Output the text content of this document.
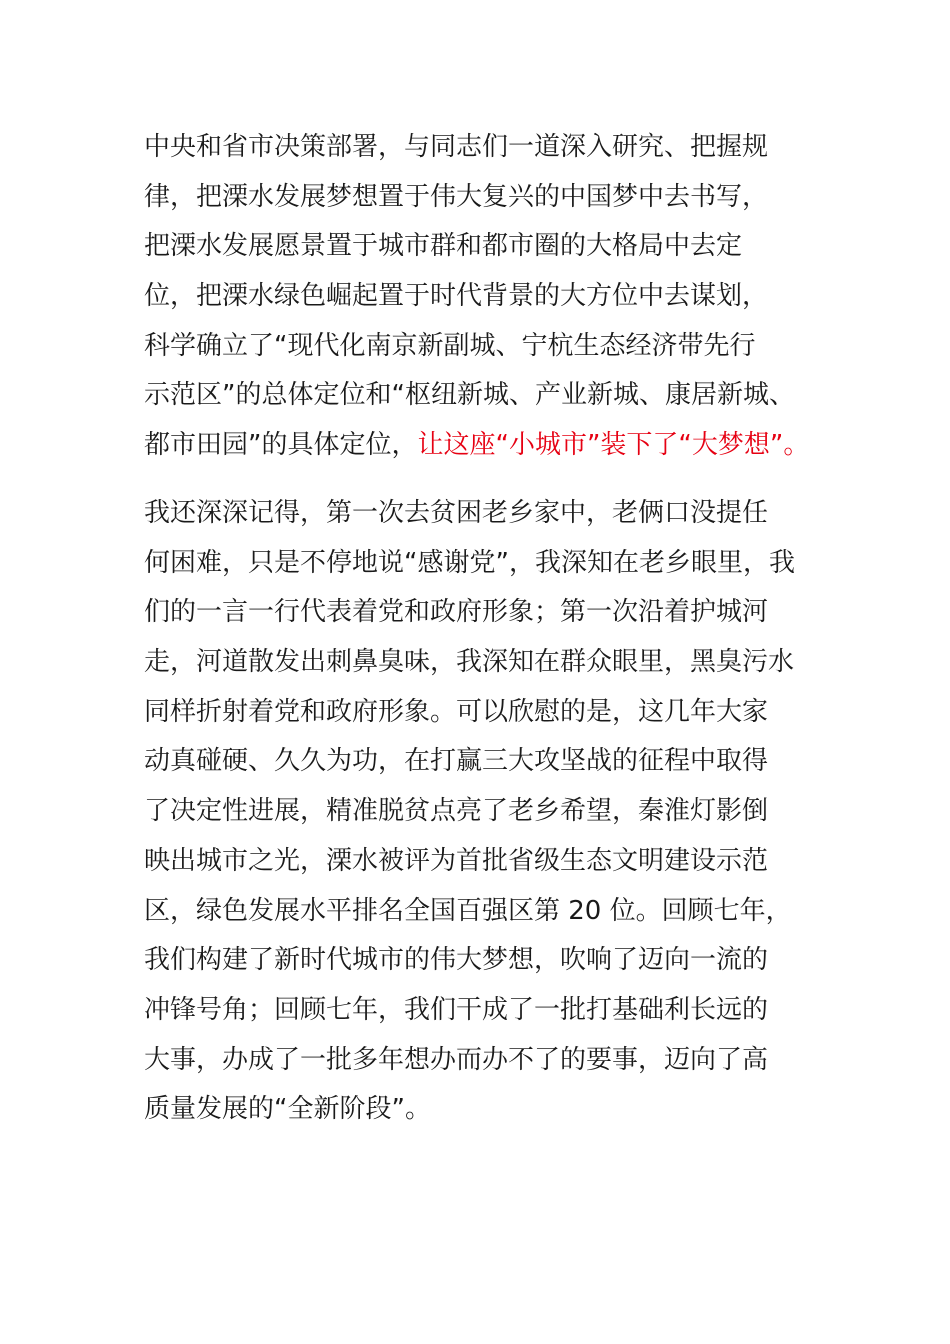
中央和省市决策部署，与同志们一道深入研究、把握规
律，把溧水发展梦想置于伟大复兴的中国梦中去书写，
把溧水发展愿景置于城市群和都市圈的大格局中去定
位，把溧水绿色崛起置于时代背景的大方位中去谋划，
科学确立了“现代化南京新副城、宁杭生态经济带先行
示范区”的总体定位和“枢纽新城、产业新城、康居新城、
都市田园”的具体定位，让这座“小城市”装下了“大梦想”。
我还深深记得，第一次去贫困老乡家中，老俩口没提任
何困难，只是不停地说“感谢党”，我深知在老乡眼里，我
们的一言一行代表着党和政府形象；第一次沿着护城河
走，河道散发出刺鼻臭味，我深知在群众眼里，黑臭污水
同样折射着党和政府形象。可以欣慰的是，这几年大家
动真碰硬、久久为功，在打赢三大攻坚战的征程中取得
了决定性进展，精准脱贫点亮了老乡希望，秦淮灯影倒
映出城市之光，溧水被评为首批省级生态文明建设示范
区，绿色发展水平排名全国百强区第 20 位。回顾七年，
我们构建了新时代城市的伟大梦想，吹响了迈向一流的
冲锋号角；回顾七年，我们干成了一批打基础利长远的
大事，办成了一批多年想办而办不了的要事，迈向了高
质量发展的“全新阶段”。
